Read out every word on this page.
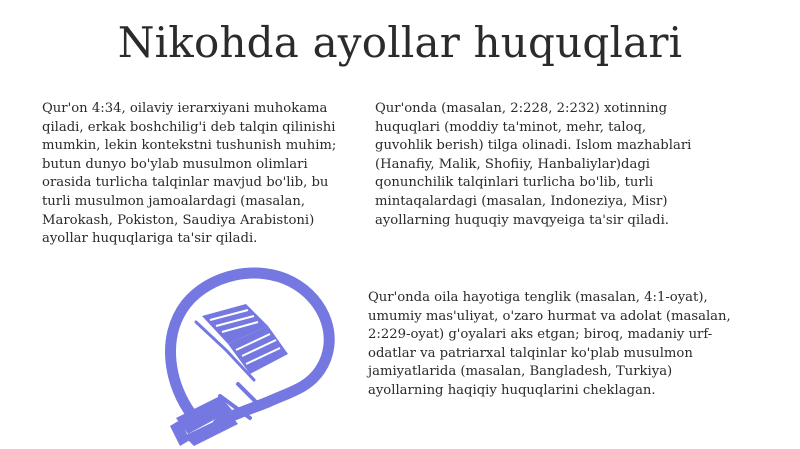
Nikohda ayollar huquqlari

Qur'on 4:34, oilaviy ierarxiyani muhokama qiladi, erkak boshchilig'i deb talqin qilinishi mumkin, lekin kontekstni tushunish muhim; butun dunyo bo'ylab musulmon olimlari orasida turlicha talqinlar mavjud bo'lib, bu turli musulmon jamoalardagi (masalan, Marokash, Pokiston, Saudiya Arabistoni) ayollar huquqlariga ta'sir qiladi.

Qur'onda (masalan, 2:228, 2:232) xotinning huquqlari (moddiy ta'minot, mehr, taloq, guvohlik berish) tilga olinadi. Islom mazhablari (Hanafiy, Malik, Shofiiy, Hanbaliylar)dagi qonunchilik talqinlari turlicha bo'lib, turli mintaqalardagi (masalan, Indoneziya, Misr) ayollarning huquqiy mavqyeiga ta'sir qiladi.

Qur'onda oila hayotiga tenglik (masalan, 4:1-oyat), umumiy mas'uliyat, o'zaro hurmat va adolat (masalan, 2:229-oyat) g'oyalari aks etgan; biroq, madaniy urf-odatlar va patriarxal talqinlar ko'plab musulmon jamiyatlarida (masalan, Bangladesh, Turkiya) ayollarning haqiqiy huquqlarini cheklagan.
